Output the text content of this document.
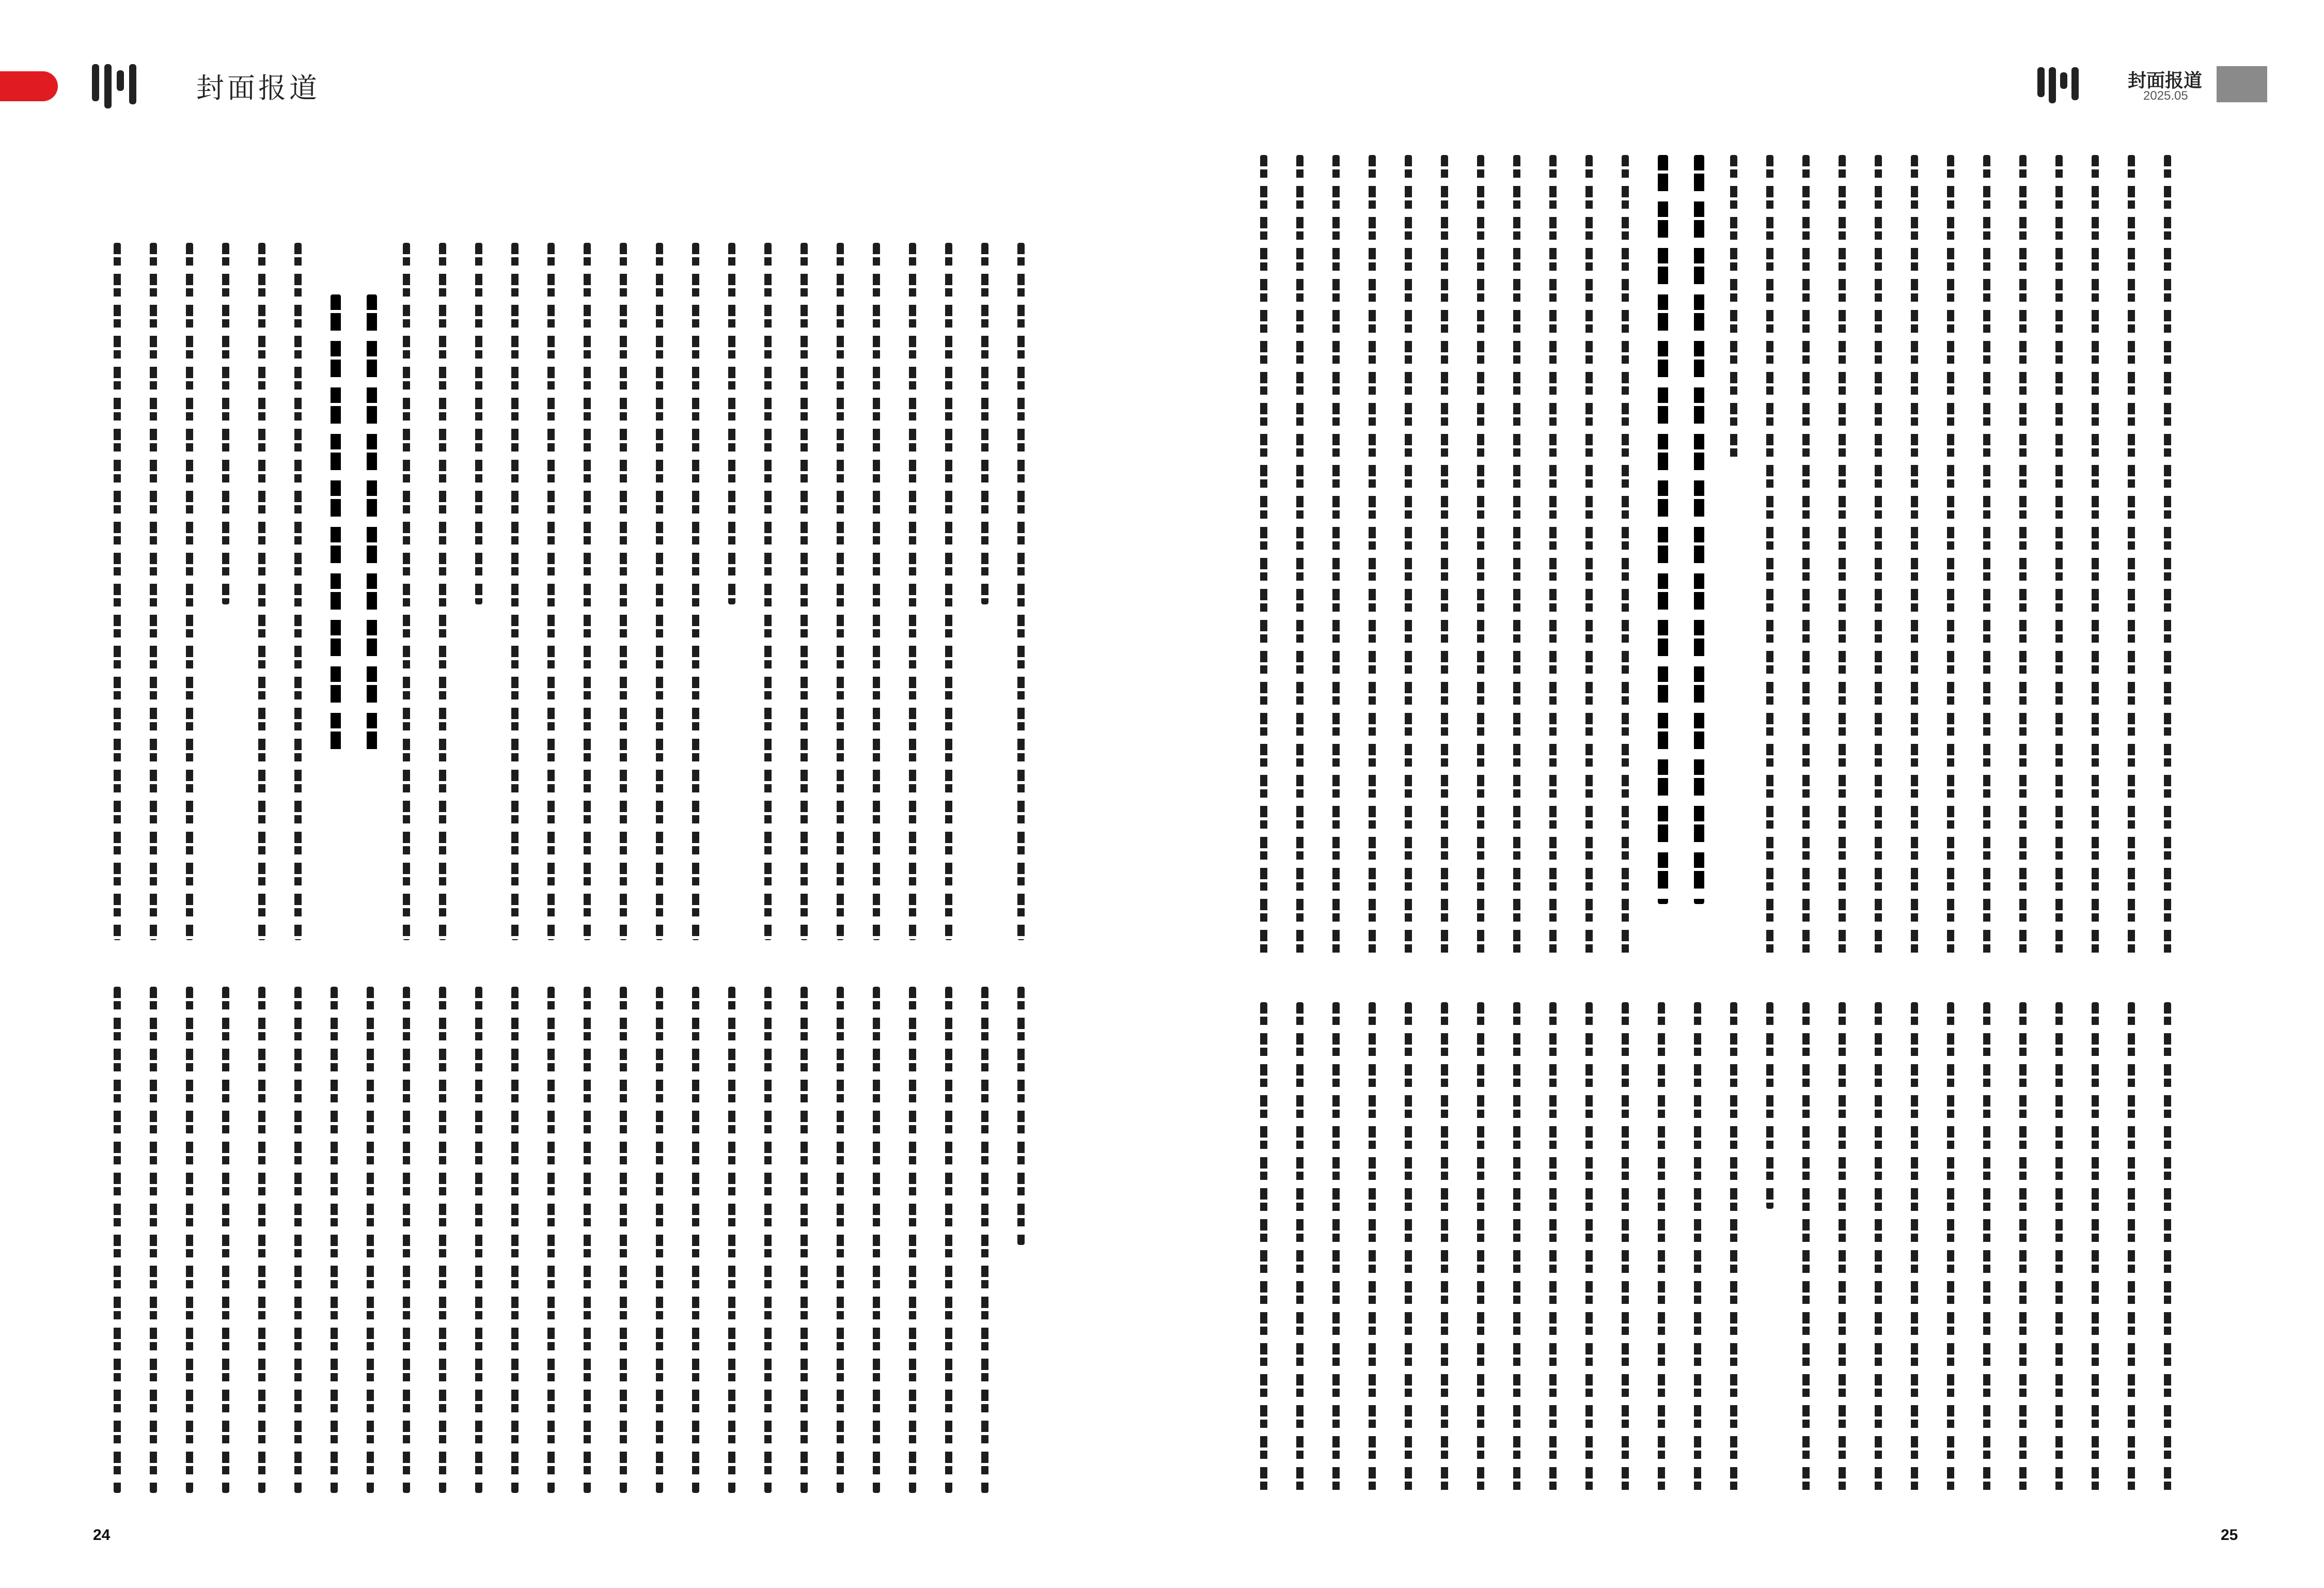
封面报道
24
封面报道
2025.05
25
